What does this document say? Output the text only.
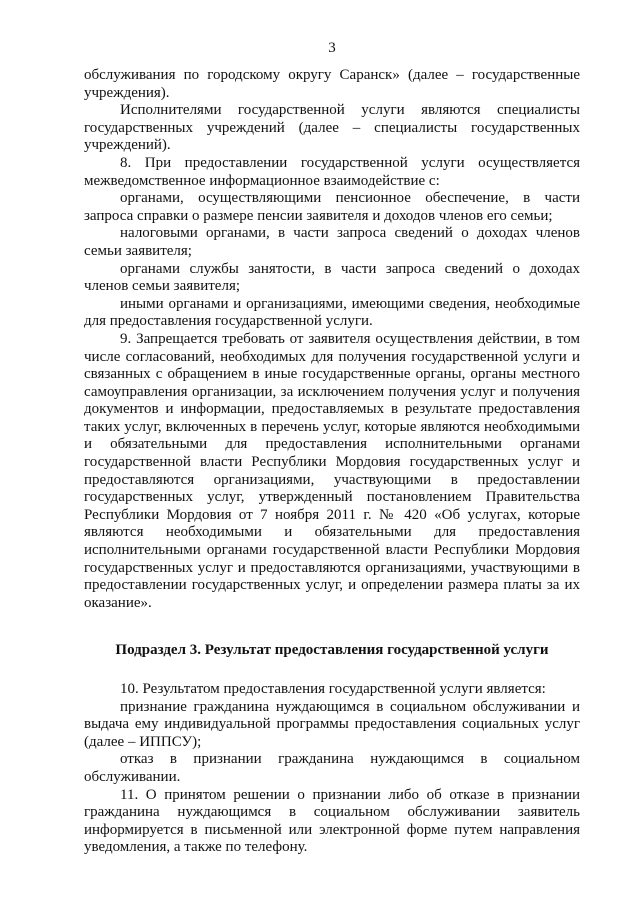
3

обслуживания по городскому округу Саранск» (далее – государственные учреждения).

Исполнителями государственной услуги являются специалисты государственных учреждений (далее – специалисты государственных учреждений).

8. При предоставлении государственной услуги осуществляется межведомственное информационное взаимодействие с:

органами, осуществляющими пенсионное обеспечение, в части запроса справки о размере пенсии заявителя и доходов членов его семьи;

налоговыми органами, в части запроса сведений о доходах членов семьи заявителя;

органами службы занятости, в части запроса сведений о доходах членов семьи заявителя;

иными органами и организациями, имеющими сведения, необходимые для предоставления государственной услуги.

9. Запрещается требовать от заявителя осуществления действии, в том числе согласований, необходимых для получения государственной услуги и связанных с обращением в иные государственные органы, органы местного самоуправления организации, за исключением получения услуг и получения документов и информации, предоставляемых в результате предоставления таких услуг, включенных в перечень услуг, которые являются необходимыми и обязательными для предоставления исполнительными органами государственной власти Республики Мордовия государственных услуг и предоставляются организациями, участвующими в предоставлении государственных услуг, утвержденный постановлением Правительства Республики Мордовия от 7 ноября 2011 г. № 420 «Об услугах, которые являются необходимыми и обязательными для предоставления исполнительными органами государственной власти Республики Мордовия государственных услуг и предоставляются организациями, участвующими в предоставлении государственных услуг, и определении размера платы за их оказание».

Подраздел 3. Результат предоставления государственной услуги

10. Результатом предоставления государственной услуги является:

признание гражданина нуждающимся в социальном обслуживании и выдача ему индивидуальной программы предоставления социальных услуг (далее – ИППСУ);

отказ в признании гражданина нуждающимся в социальном обслуживании.

11. О принятом решении о признании либо об отказе в признании гражданина нуждающимся в социальном обслуживании заявитель информируется в письменной или электронной форме путем направления уведомления, а также по телефону.
